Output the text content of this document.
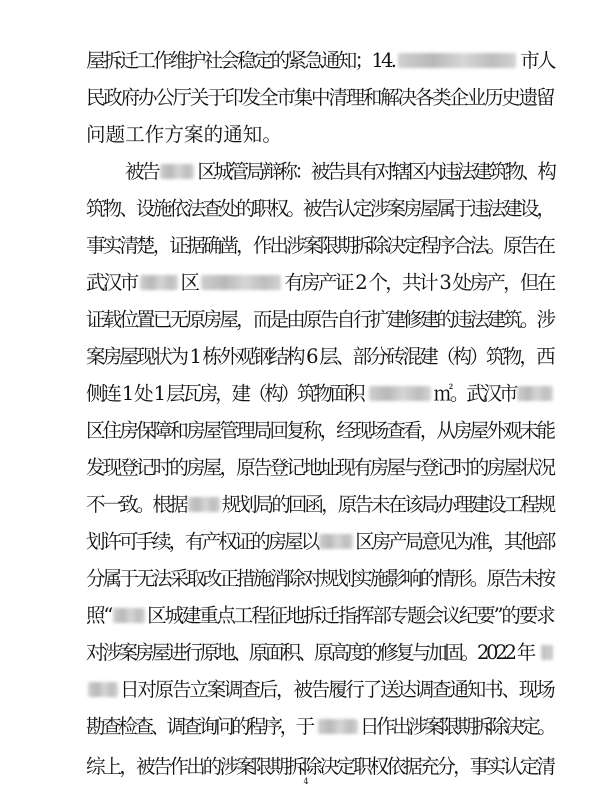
屋拆迁工作维护社会稳定的紧急通知；14.	市人
民政府办公厅关于印发全市集中清理和解决各类企业历史遗留
问题工作方案的通知。
被告 区城管局辩称：被告具有对辖区内违法建筑物、构
筑物、设施依法查处的职权。被告认定涉案房屋属于违法建设，
事实清楚，证据确凿，作出涉案限期拆除决定程序合法。原告在
武汉市 区	有房产证 2 个，共计 3 处房产，但在
证载位置已无原房屋，而是由原告自行扩建修建的违法建筑。涉
案房屋现状为 1 栋外观钢结构 6 层、部分砖混建（构）筑物，西
侧连 1 处 1 层瓦房，建（构）筑物面积	㎡。武汉市
区住房保障和房屋管理局回复称，经现场查看，从房屋外观未能
发现登记时的房屋，原告登记地址现有房屋与登记时的房屋状况
不一致。根据 规划局的回函，原告未在该局办理建设工程规
划许可手续，有产权证的房屋以 区房产局意见为准，其他部
分属于无法采取改正措施消除对规划实施影响的情形。原告未按
照“ 区城建重点工程征地拆迁指挥部专题会议纪要”的要求
对涉案房屋进行原地、原面积、原高度的修复与加固。2022 年
日对原告立案调查后，被告履行了送达调查通知书、现场
勘查检查、调查询问的程序，于 日作出涉案限期拆除决定。
综上，被告作出的涉案限期拆除决定职权依据充分，事实认定清
4
